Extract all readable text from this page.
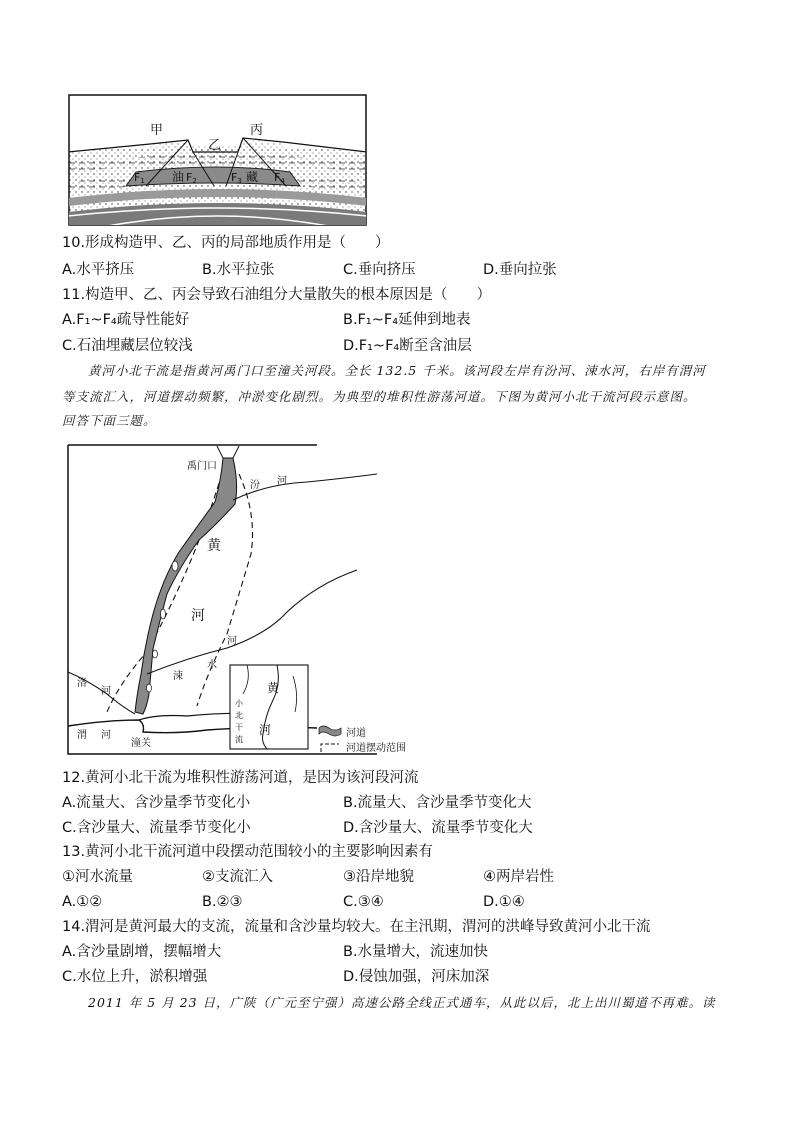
甲
乙
丙
F1 油 F2	F3 藏 F4
10.形成构造甲、乙、丙的局部地质作用是（　　）
A.水平挤压	B.水平拉张	C.垂向挤压	D.垂向拉张
11.构造甲、乙、丙会导致石油组分大量散失的根本原因是（　　）
A.F₁~F₄疏导性能好	B.F₁~F₄延伸到地表
C.石油埋藏层位较浅	D.F₁~F₄断至含油层
黄河小北干流是指黄河禹门口至潼关河段。全长 132.5 千米。该河段左岸有汾河、涑水河，右岸有渭河
等支流汇入，河道摆动频繁，冲淤变化剧烈。为典型的堆积性游荡河道。下图为黄河小北干流河段示意图。
回答下面三题。
禹门口
汾 河
黄
河
涑
水
河
洛
河
渭 河
潼关
黄
河
小
北
干
流
河道
河道摆动范围
12.黄河小北干流为堆积性游荡河道，是因为该河段河流
A.流量大、含沙量季节变化小	B.流量大、含沙量季节变化大
C.含沙量大、流量季节变化小	D.含沙量大、流量季节变化大
13.黄河小北干流河道中段摆动范围较小的主要影响因素有
①河水流量	②支流汇入	③沿岸地貌	④两岸岩性
A.①②	B.②③	C.③④	D.①④
14.渭河是黄河最大的支流，流量和含沙量均较大。在主汛期，渭河的洪峰导致黄河小北干流
A.含沙量剧增，摆幅增大	B.水量增大，流速加快
C.水位上升，淤积增强	D.侵蚀加强，河床加深
2011 年 5 月 23 日，广陕（广元至宁强）高速公路全线正式通车，从此以后，北上出川蜀道不再难。读
